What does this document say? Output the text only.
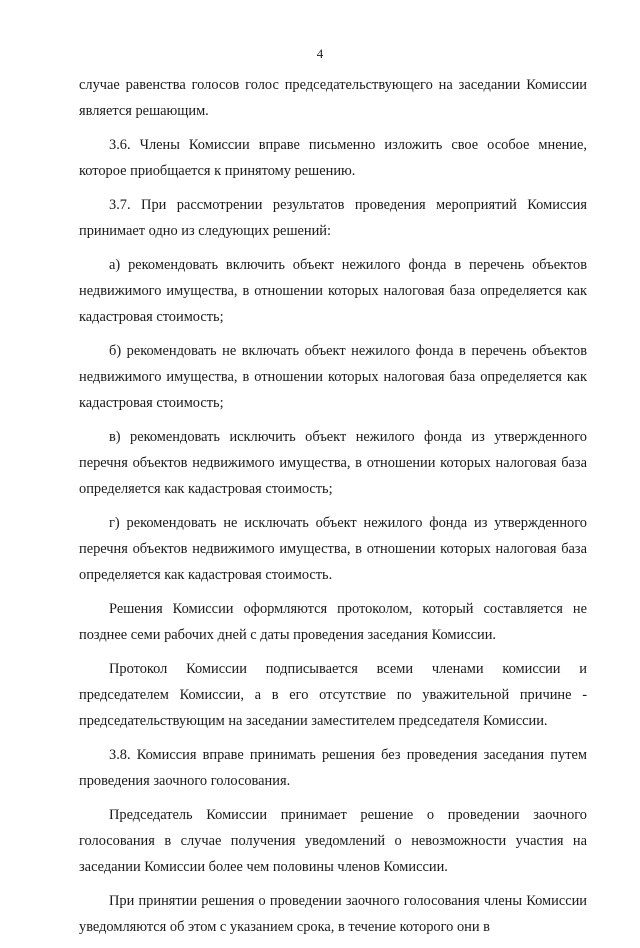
4

случае равенства голосов голос председательствующего на заседании Комиссии является решающим.

3.6. Члены Комиссии вправе письменно изложить свое особое мнение, которое приобщается к принятому решению.

3.7. При рассмотрении результатов проведения мероприятий Комиссия принимает одно из следующих решений:

а) рекомендовать включить объект нежилого фонда в перечень объектов недвижимого имущества, в отношении которых налоговая база определяется как кадастровая стоимость;

б) рекомендовать не включать объект нежилого фонда в перечень объектов недвижимого имущества, в отношении которых налоговая база определяется как кадастровая стоимость;

в) рекомендовать исключить объект нежилого фонда из утвержденного перечня объектов недвижимого имущества, в отношении которых налоговая база определяется как кадастровая стоимость;

г) рекомендовать не исключать объект нежилого фонда из утвержденного перечня объектов недвижимого имущества, в отношении которых налоговая база определяется как кадастровая стоимость.

Решения Комиссии оформляются протоколом, который составляется не позднее семи рабочих дней с даты проведения заседания Комиссии.

Протокол Комиссии подписывается всеми членами комиссии и председателем Комиссии, а в его отсутствие по уважительной причине - председательствующим на заседании заместителем председателя Комиссии.

3.8. Комиссия вправе принимать решения без проведения заседания путем проведения заочного голосования.

Председатель Комиссии принимает решение о проведении заочного голосования в случае получения уведомлений о невозможности участия на заседании Комиссии более чем половины членов Комиссии.

При принятии решения о проведении заочного голосования члены Комиссии уведомляются об этом с указанием срока, в течение которого они в
